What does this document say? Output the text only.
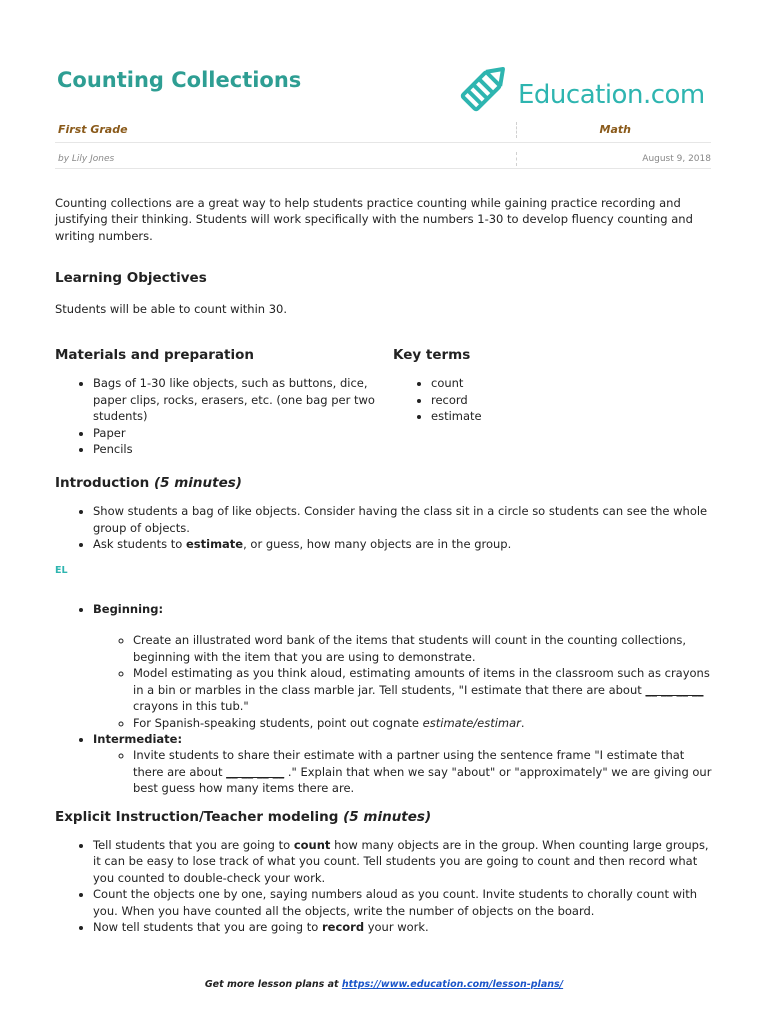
Counting Collections	Education.com
First Grade	Math
by Lily Jones	August 9, 2018

Counting collections are a great way to help students practice counting while gaining practice recording and justifying their thinking. Students will work specifically with the numbers 1-30 to develop fluency counting and writing numbers.

Learning Objectives

Students will be able to count within 30.

Materials and preparation
• Bags of 1-30 like objects, such as buttons, dice, paper clips, rocks, erasers, etc. (one bag per two students)
• Paper
• Pencils
Key terms
• count
• record
• estimate
Introduction (5 minutes)
• Show students a bag of like objects. Consider having the class sit in a circle so students can see the whole group of objects.
• Ask students to estimate, or guess, how many objects are in the group.
EL
• Beginning:
◦ Create an illustrated word bank of the items that students will count in the counting collections, beginning with the item that you are using to demonstrate.
◦ Model estimating as you think aloud, estimating amounts of items in the classroom such as crayons in a bin or marbles in the class marble jar. Tell students, "I estimate that there are about __ __ __ __ crayons in this tub."
◦ For Spanish-speaking students, point out cognate estimate/estimar.
• Intermediate:
◦ Invite students to share their estimate with a partner using the sentence frame "I estimate that there are about __ __ __ __ ." Explain that when we say "about" or "approximately" we are giving our best guess how many items there are.
Explicit Instruction/Teacher modeling (5 minutes)
• Tell students that you are going to count how many objects are in the group. When counting large groups, it can be easy to lose track of what you count. Tell students you are going to count and then record what you counted to double-check your work.
• Count the objects one by one, saying numbers aloud as you count. Invite students to chorally count with you. When you have counted all the objects, write the number of objects on the board.
• Now tell students that you are going to record your work.
Get more lesson plans at https://www.education.com/lesson-plans/
